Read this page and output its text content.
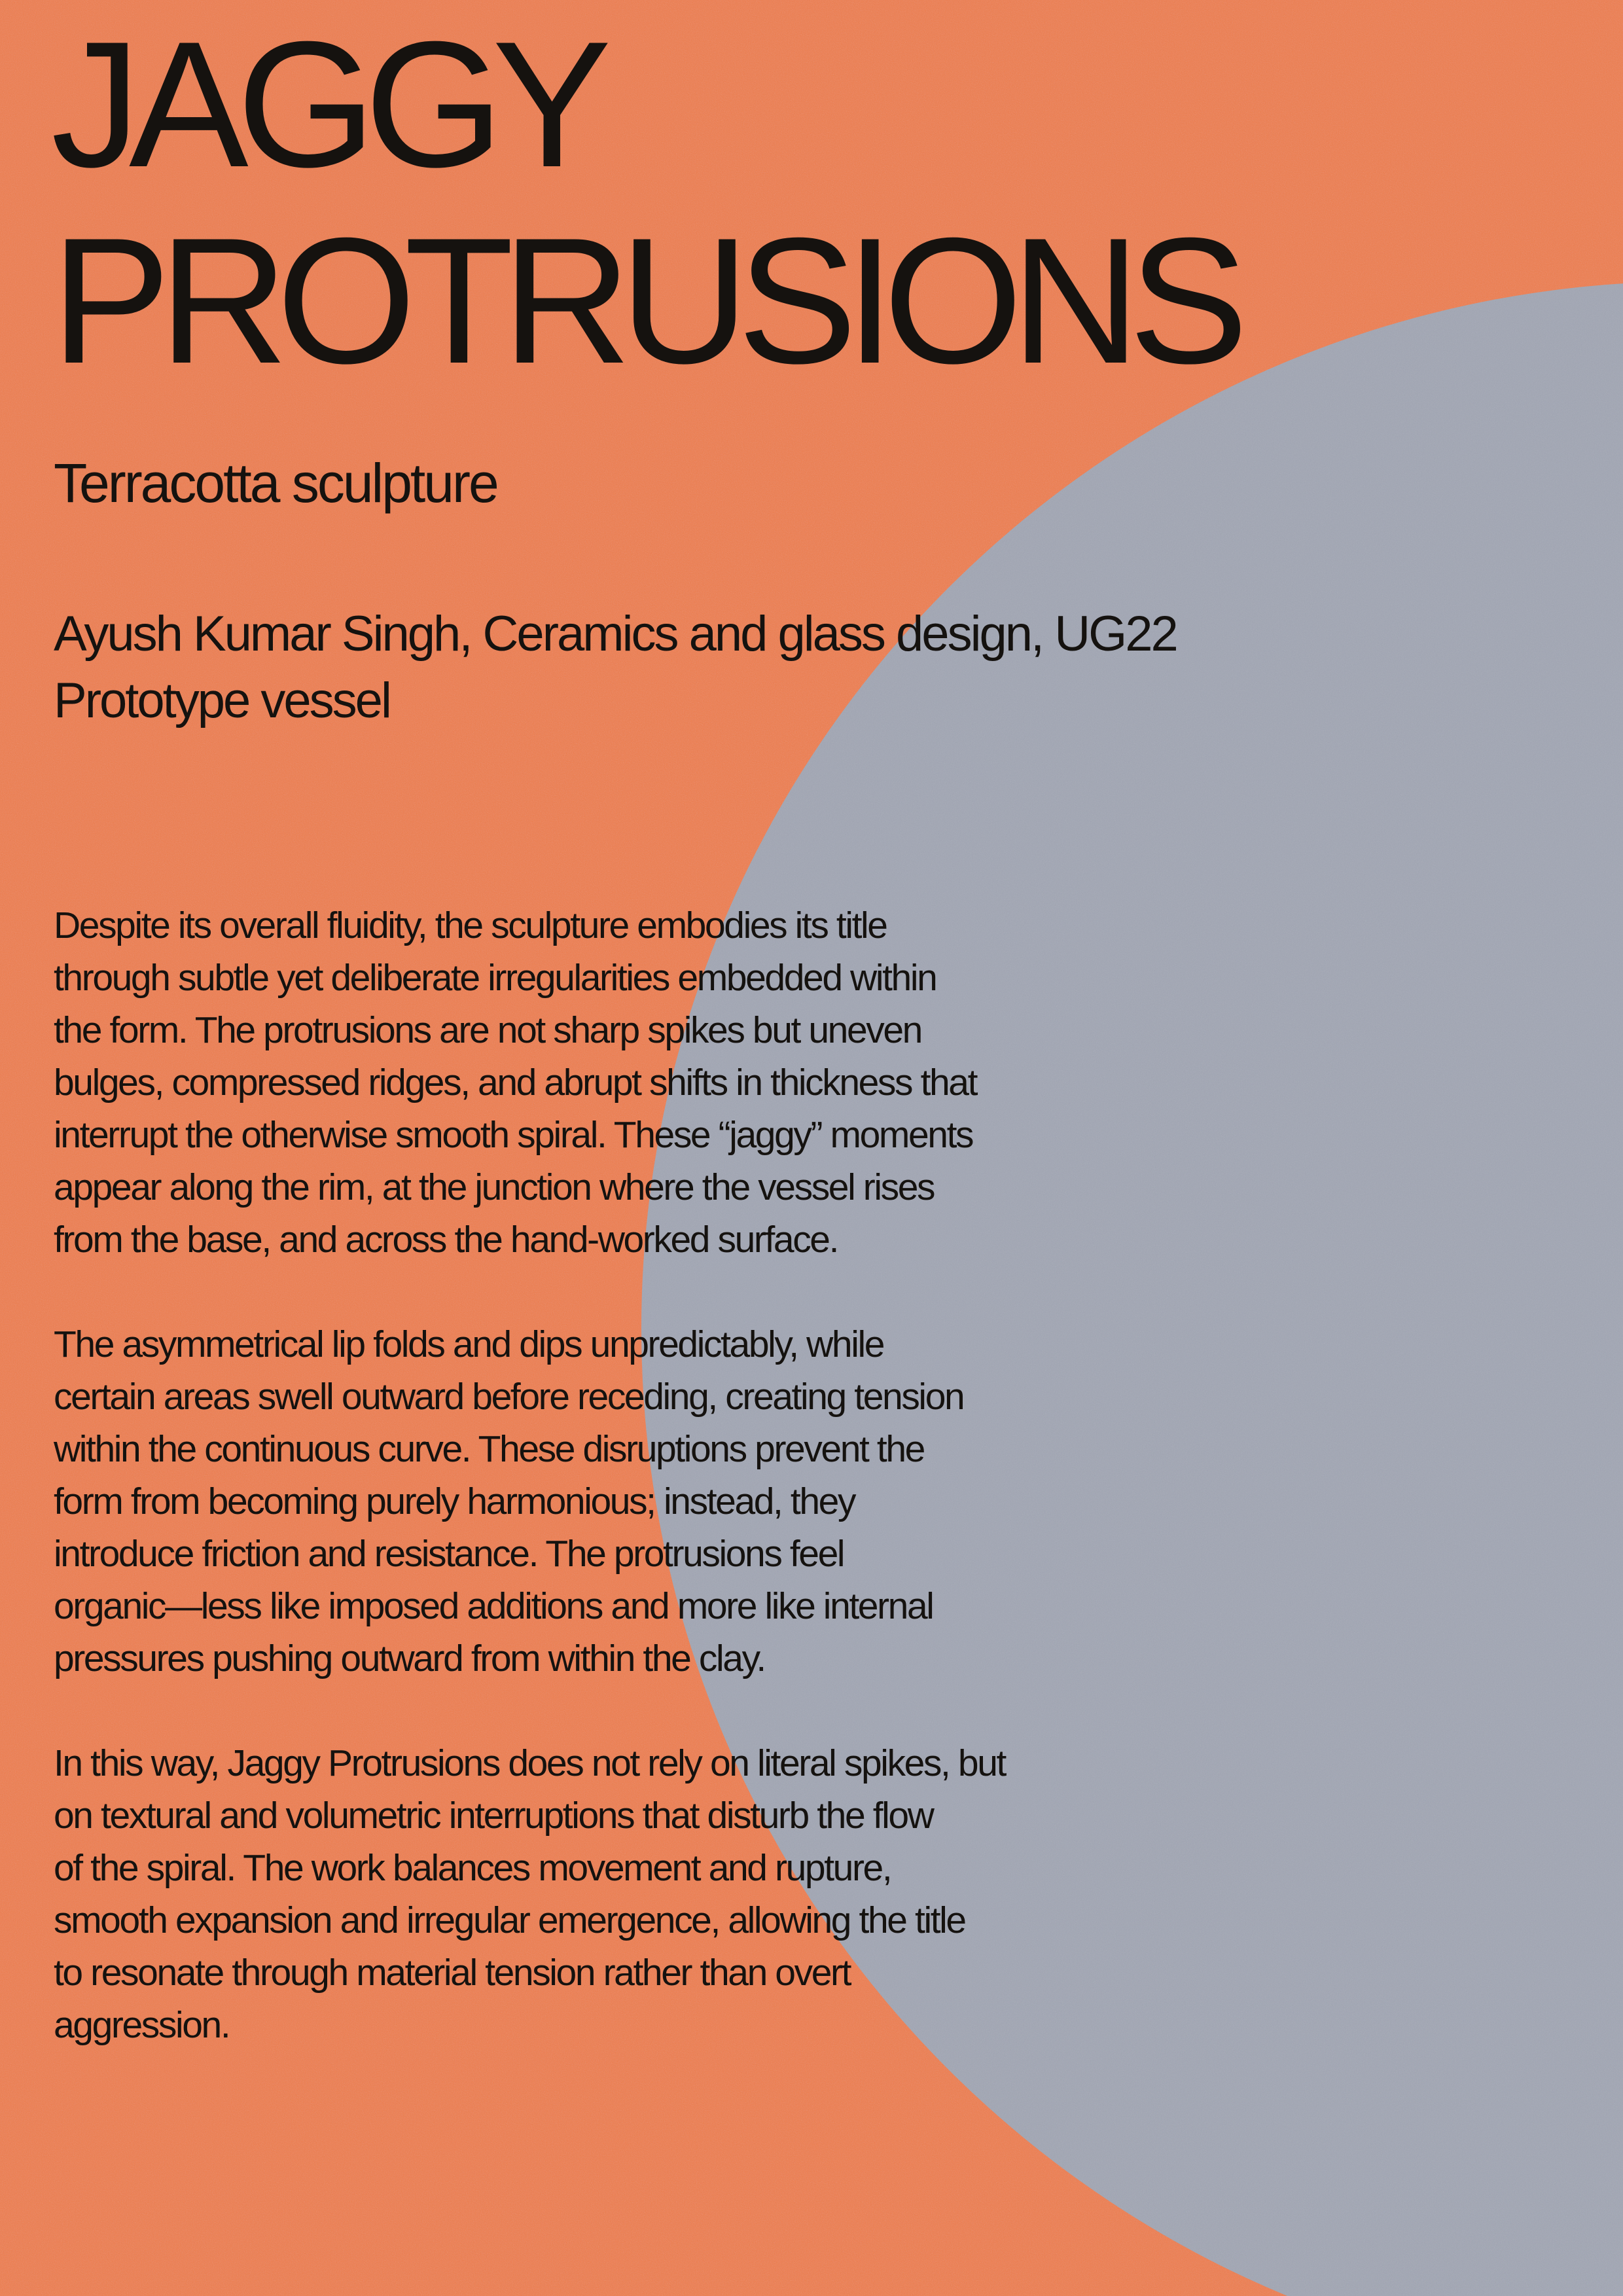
JAGGY
PROTRUSIONS
Terracotta sculpture
Ayush Kumar Singh, Ceramics and glass design, UG22
Prototype vessel

Despite its overall fluidity, the sculpture embodies its title
through subtle yet deliberate irregularities embedded within
the form. The protrusions are not sharp spikes but uneven
bulges, compressed ridges, and abrupt shifts in thickness that
interrupt the otherwise smooth spiral. These “jaggy” moments
appear along the rim, at the junction where the vessel rises
from the base, and across the hand-worked surface.

The asymmetrical lip folds and dips unpredictably, while
certain areas swell outward before receding, creating tension
within the continuous curve. These disruptions prevent the
form from becoming purely harmonious; instead, they
introduce friction and resistance. The protrusions feel
organic—less like imposed additions and more like internal
pressures pushing outward from within the clay.

In this way, Jaggy Protrusions does not rely on literal spikes, but
on textural and volumetric interruptions that disturb the flow
of the spiral. The work balances movement and rupture,
smooth expansion and irregular emergence, allowing the title
to resonate through material tension rather than overt
aggression.
